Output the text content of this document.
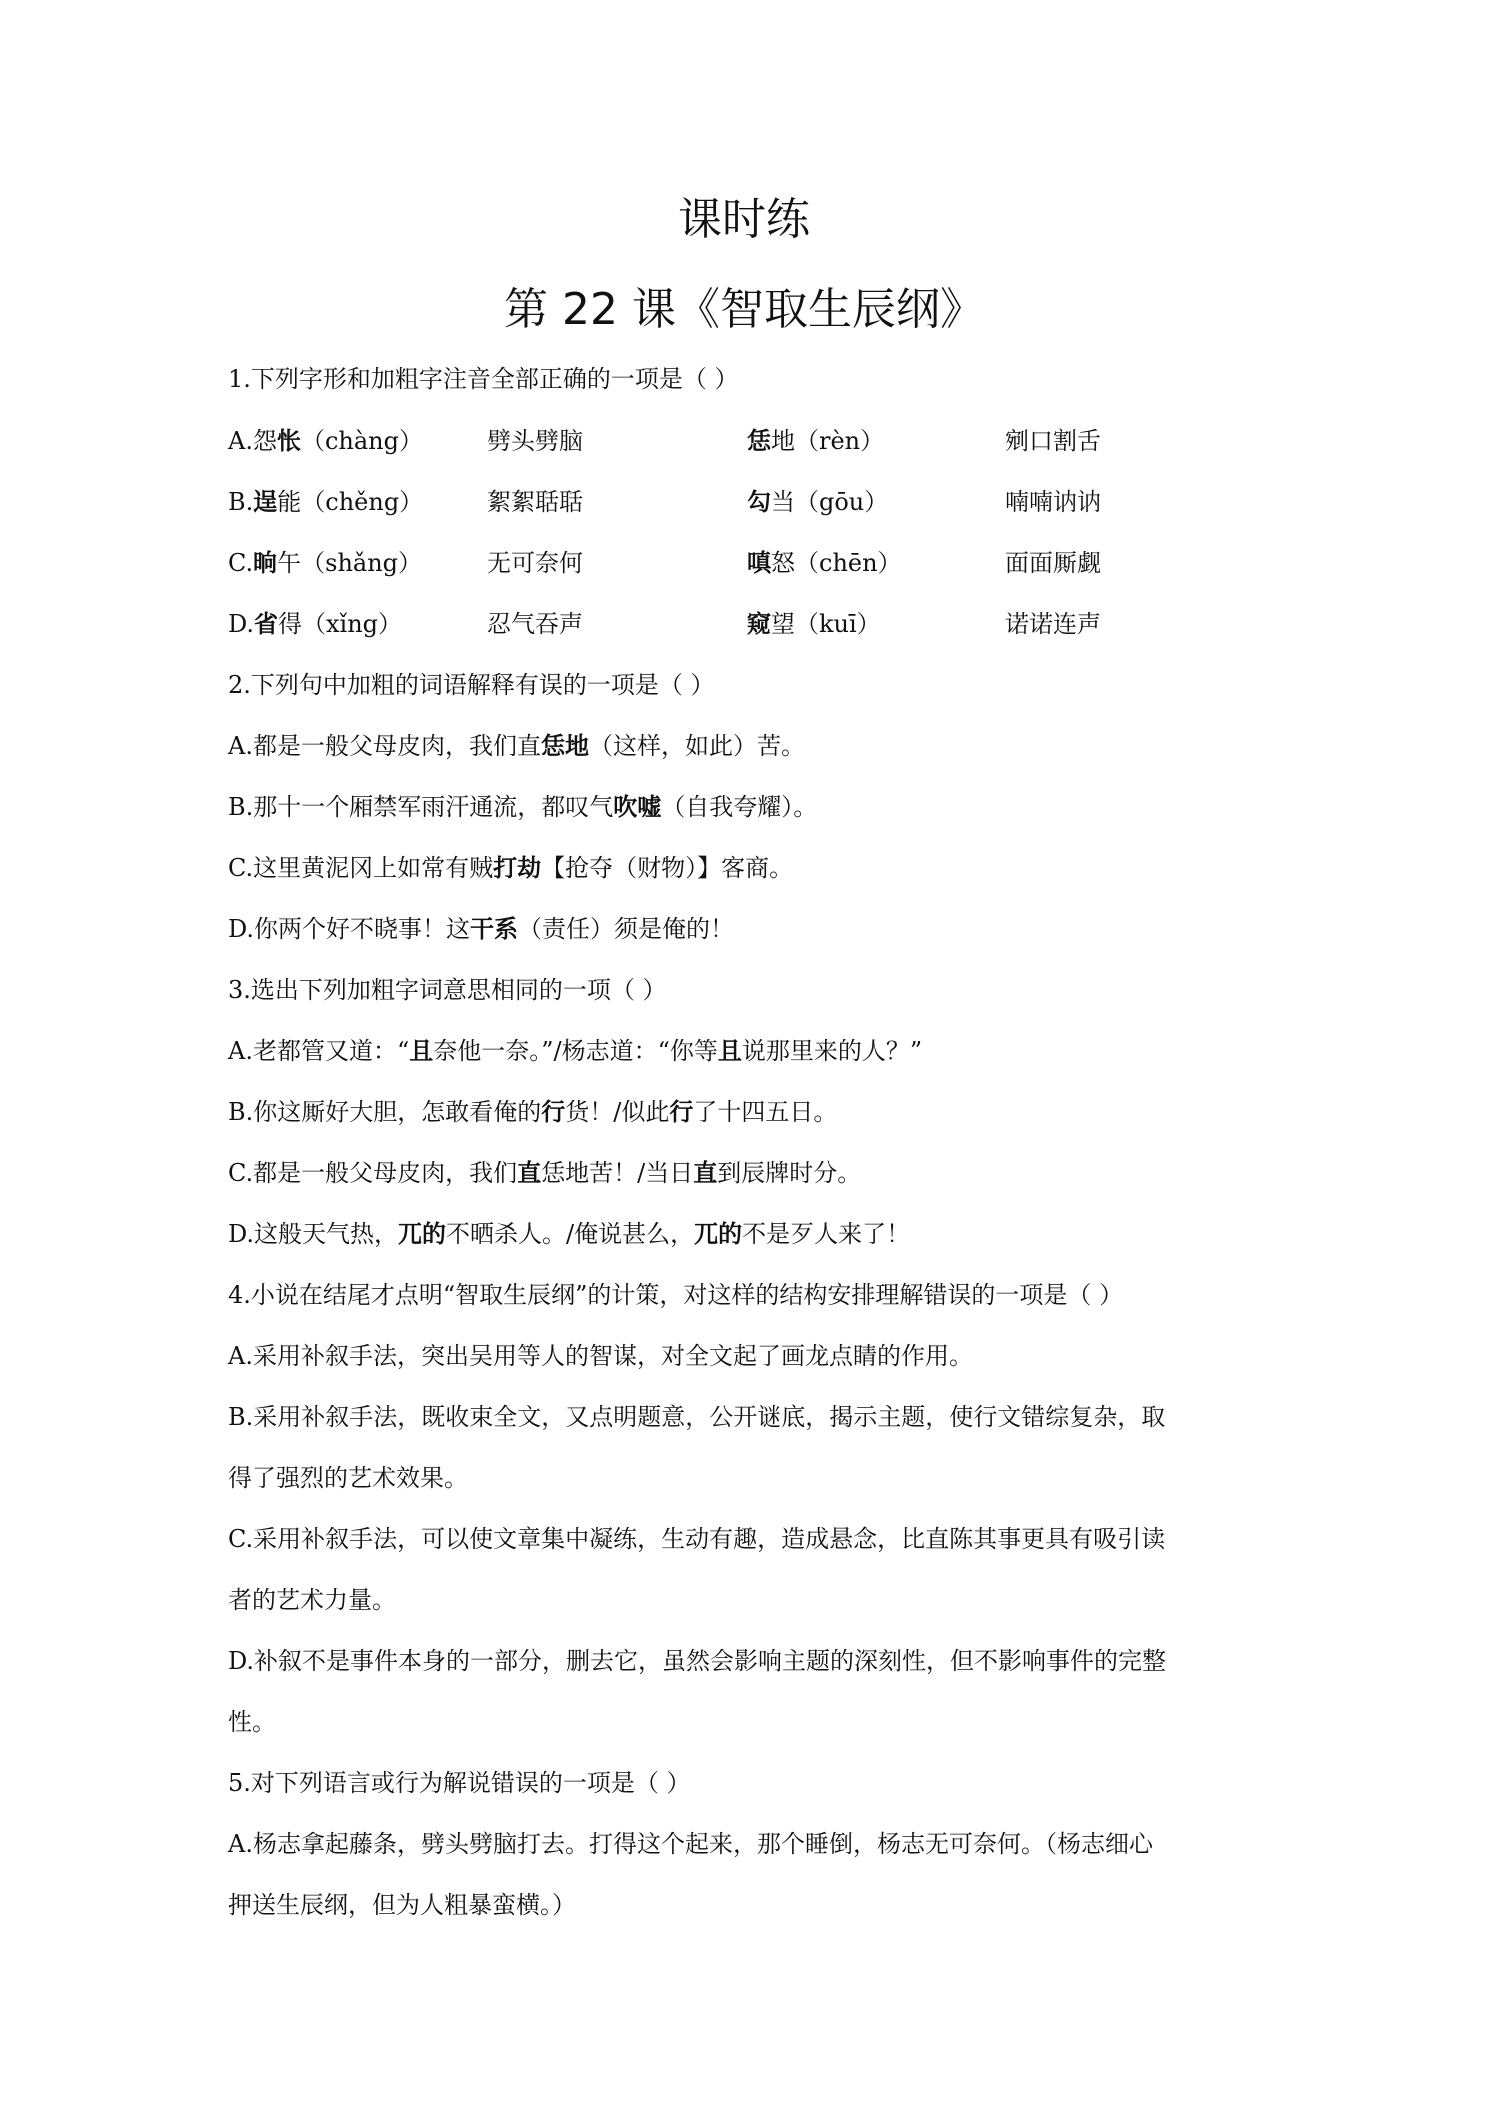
课时练
第 22 课《智取生辰纲》
1.下列字形和加粗字注音全部正确的一项是（ ）
A.怨怅（chàng）	劈头劈脑	恁地（rèn）	剜口割舌
B.逞能（chěng）	絮絮聒聒	勾当（gōu）	喃喃讷讷
C.晌午（shǎng）	无可奈何	嗔怒（chēn）	面面厮觑
D.省得（xǐng）	忍气吞声	窥望（kuī）	诺诺连声
2.下列句中加粗的词语解释有误的一项是（ ）
A.都是一般父母皮肉，我们直恁地（这样，如此）苦。
B.那十一个厢禁军雨汗通流，都叹气吹嘘（自我夸耀）。
C.这里黄泥冈上如常有贼打劫【抢夺（财物）】客商。
D.你两个好不晓事！这干系（责任）须是俺的！
3.选出下列加粗字词意思相同的一项（ ）
A.老都管又道：“且奈他一奈。”/杨志道：“你等且说那里来的人？”
B.你这厮好大胆，怎敢看俺的行货！/似此行了十四五日。
C.都是一般父母皮肉，我们直恁地苦！/当日直到辰牌时分。
D.这般天气热，兀的不晒杀人。/俺说甚么，兀的不是歹人来了！
4.小说在结尾才点明“智取生辰纲”的计策，对这样的结构安排理解错误的一项是（ ）
A.采用补叙手法，突出吴用等人的智谋，对全文起了画龙点睛的作用。
B.采用补叙手法，既收束全文，又点明题意，公开谜底，揭示主题，使行文错综复杂，取
得了强烈的艺术效果。
C.采用补叙手法，可以使文章集中凝练，生动有趣，造成悬念，比直陈其事更具有吸引读
者的艺术力量。
D.补叙不是事件本身的一部分，删去它，虽然会影响主题的深刻性，但不影响事件的完整
性。
5.对下列语言或行为解说错误的一项是（ ）
A.杨志拿起藤条，劈头劈脑打去。打得这个起来，那个睡倒，杨志无可奈何。（杨志细心
押送生辰纲，但为人粗暴蛮横。）
